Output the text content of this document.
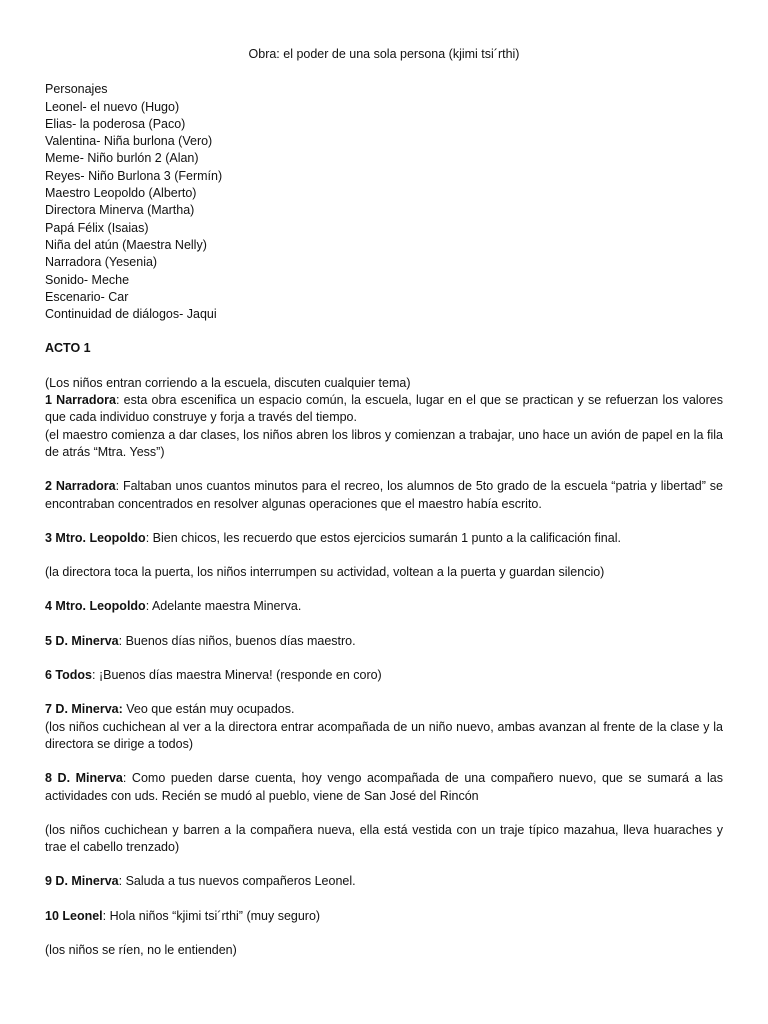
Obra: el poder de una sola persona (kjimi tsi´rthi)
Personajes
Leonel- el nuevo (Hugo)
Elias- la poderosa (Paco)
Valentina- Niña burlona (Vero)
Meme- Niño burlón 2 (Alan)
Reyes- Niño Burlona 3 (Fermín)
Maestro Leopoldo (Alberto)
Directora Minerva (Martha)
Papá Félix (Isaias)
Niña del atún (Maestra Nelly)
Narradora (Yesenia)
Sonido- Meche
Escenario- Car
Continuidad de diálogos- Jaqui
ACTO 1
(Los niños entran corriendo a la escuela, discuten cualquier tema)
1 Narradora: esta obra escenifica un espacio común, la escuela, lugar en el que se practican y se refuerzan los valores que cada individuo construye y forja a través del tiempo.
(el maestro comienza a dar clases, los niños abren los libros y comienzan a trabajar, uno hace un avión de papel en la fila de atrás “Mtra. Yess”)
2 Narradora: Faltaban unos cuantos minutos para el recreo, los alumnos de 5to grado de la escuela “patria y libertad” se encontraban concentrados en resolver algunas operaciones que el maestro había escrito.
3 Mtro. Leopoldo: Bien chicos, les recuerdo que estos ejercicios sumarán 1 punto a la calificación final.
(la directora toca la puerta, los niños interrumpen su actividad, voltean a la puerta y guardan silencio)
4 Mtro. Leopoldo: Adelante maestra Minerva.
5 D. Minerva: Buenos días niños, buenos días maestro.
6 Todos: ¡Buenos días maestra Minerva! (responde en coro)
7 D. Minerva: Veo que están muy ocupados.
(los niños cuchichean al ver a la directora entrar acompañada de un niño nuevo, ambas avanzan al frente de la clase y la directora se dirige a todos)
8 D. Minerva: Como pueden darse cuenta, hoy vengo acompañada de una compañero nuevo, que se sumará a las actividades con uds. Recién se mudó al pueblo, viene de San José del Rincón
(los niños cuchichean y barren a la compañera nueva, ella está vestida con un traje típico mazahua, lleva huaraches y trae el cabello trenzado)
9 D. Minerva: Saluda a tus nuevos compañeros Leonel.
10 Leonel: Hola niños “kjimi tsi´rthi” (muy seguro)
(los niños se ríen, no le entienden)
